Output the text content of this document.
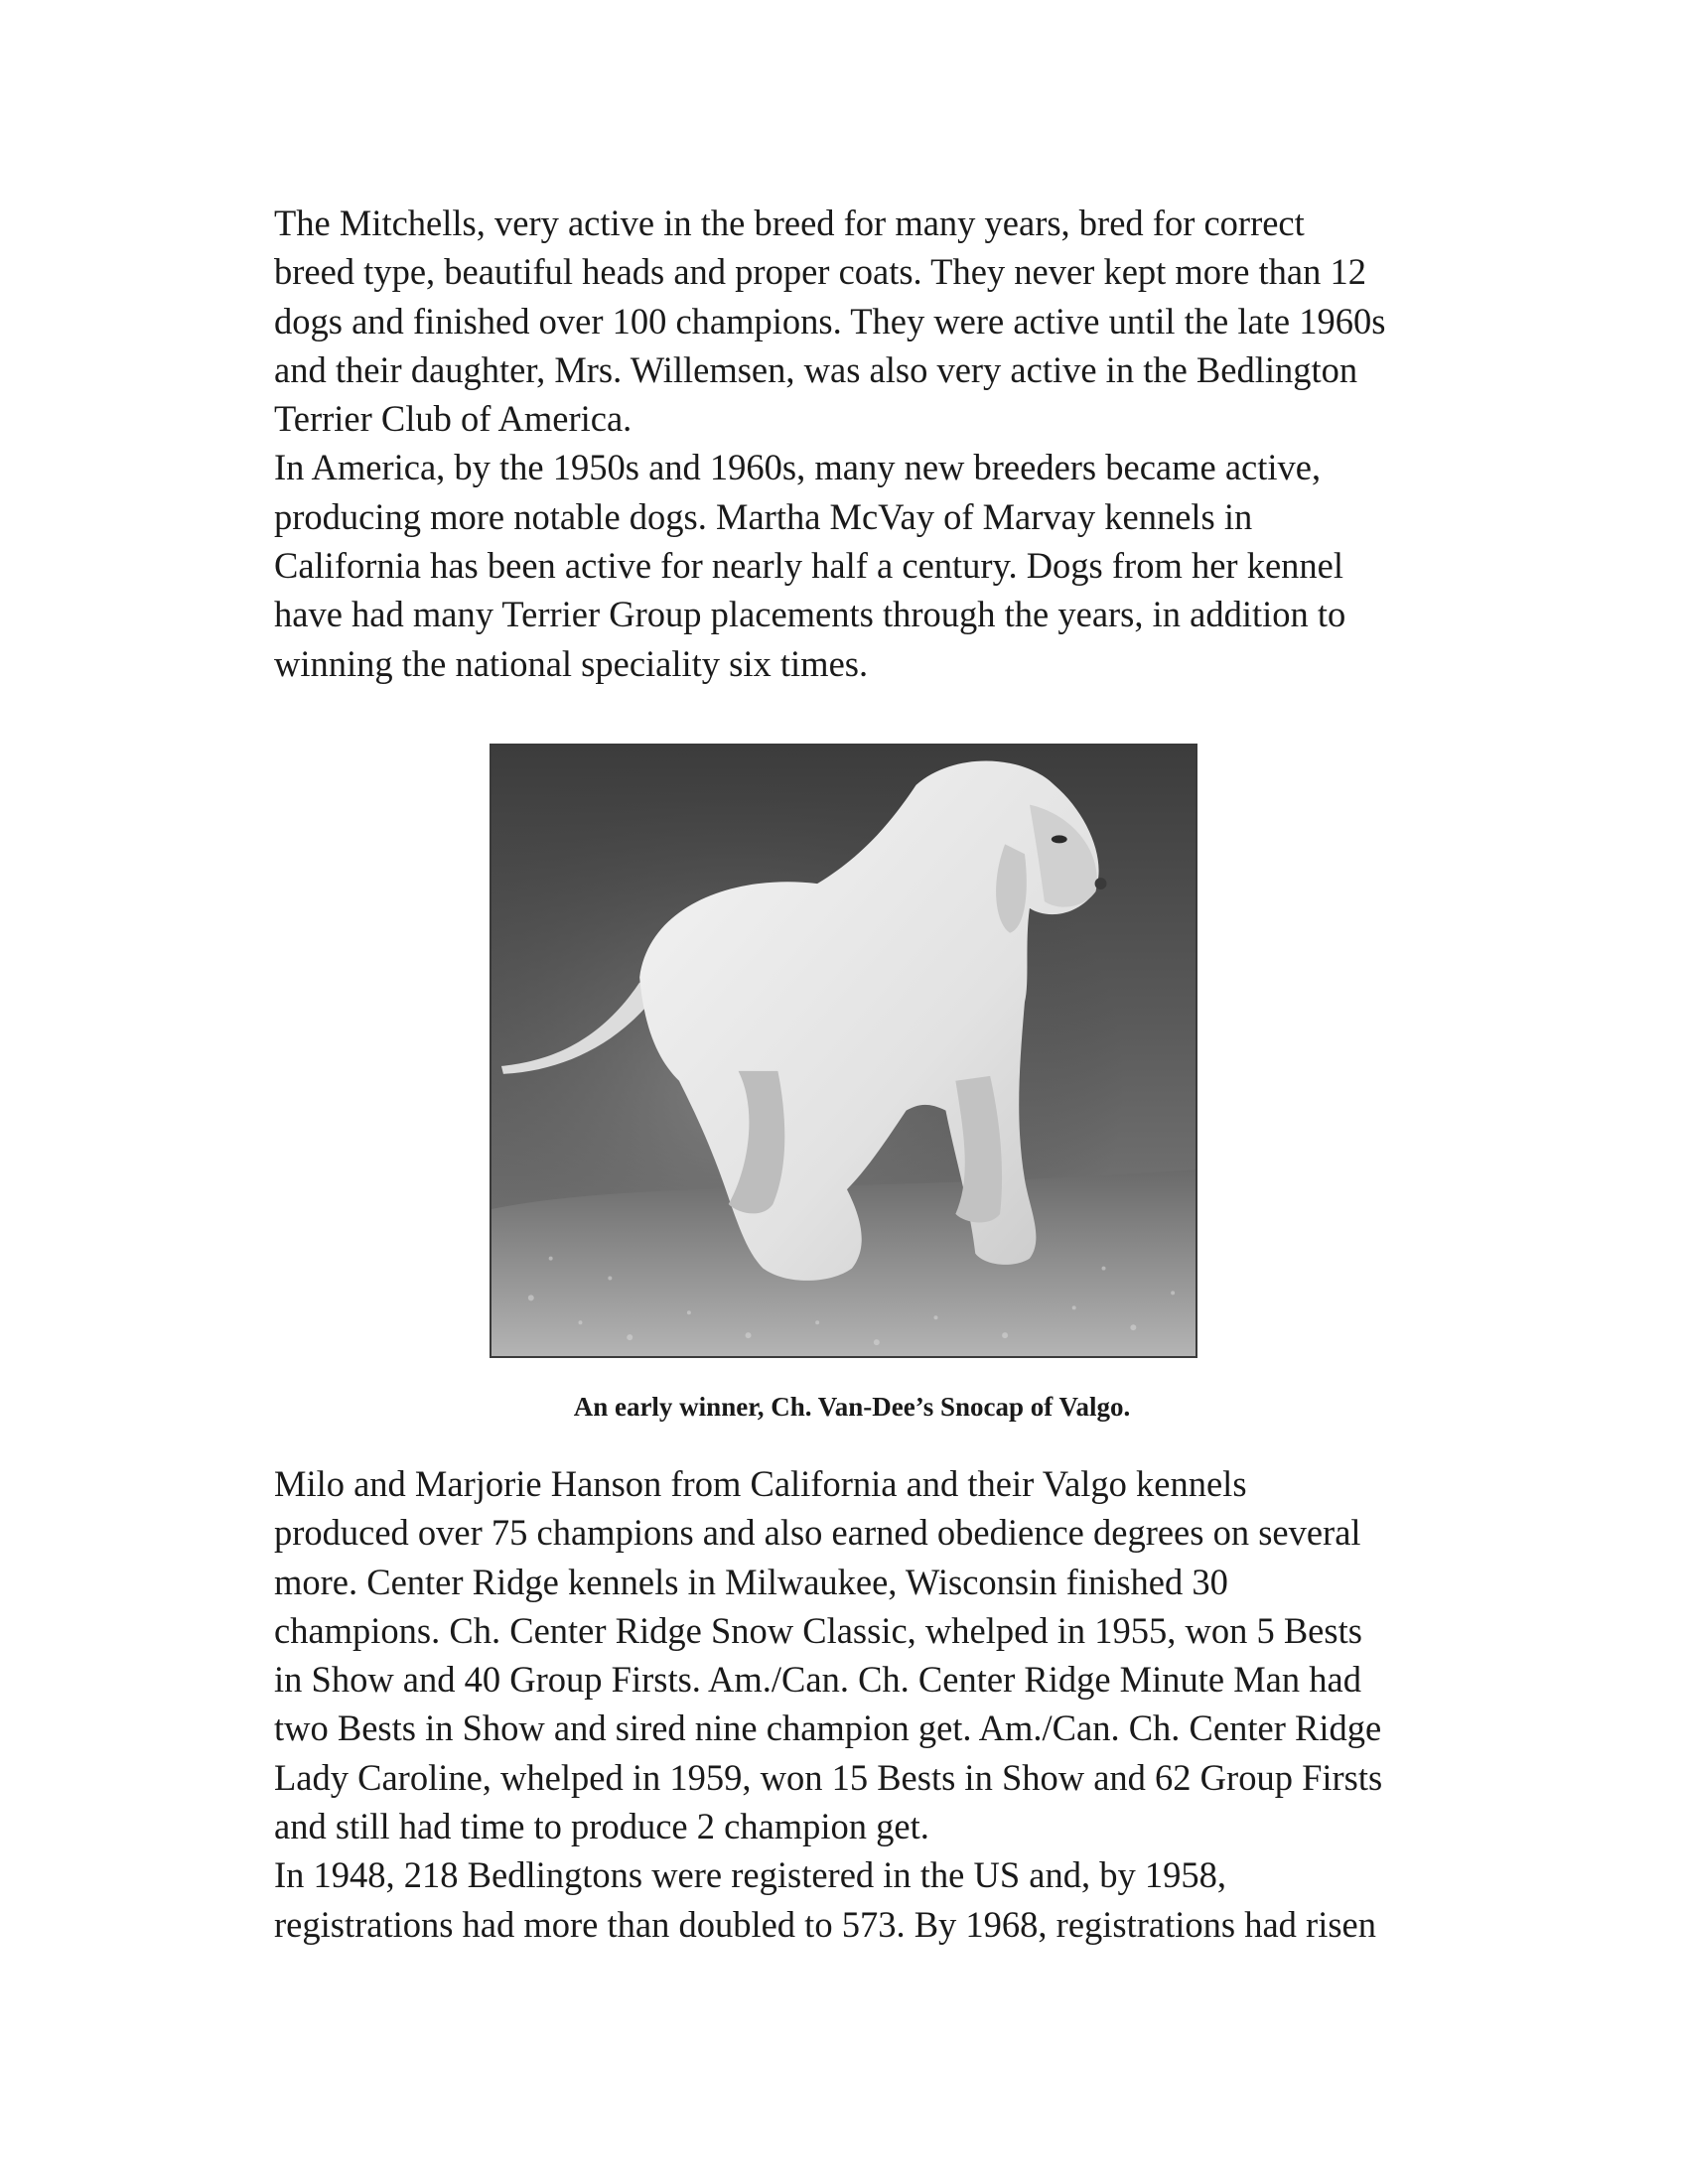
The Mitchells, very active in the breed for many years, bred for correct
breed type, beautiful heads and proper coats. They never kept more than 12
dogs and finished over 100 champions. They were active until the late 1960s
and their daughter, Mrs. Willemsen, was also very active in the Bedlington
Terrier Club of America.

In America, by the 1950s and 1960s, many new breeders became active,
producing more notable dogs. Martha McVay of Marvay kennels in
California has been active for nearly half a century. Dogs from her kennel
have had many Terrier Group placements through the years, in addition to
winning the national speciality six times.

An early winner, Ch. Van-Dee’s Snocap of Valgo.

Milo and Marjorie Hanson from California and their Valgo kennels
produced over 75 champions and also earned obedience degrees on several
more. Center Ridge kennels in Milwaukee, Wisconsin finished 30
champions. Ch. Center Ridge Snow Classic, whelped in 1955, won 5 Bests
in Show and 40 Group Firsts. Am./Can. Ch. Center Ridge Minute Man had
two Bests in Show and sired nine champion get. Am./Can. Ch. Center Ridge
Lady Caroline, whelped in 1959, won 15 Bests in Show and 62 Group Firsts
and still had time to produce 2 champion get.

In 1948, 218 Bedlingtons were registered in the US and, by 1958,
registrations had more than doubled to 573. By 1968, registrations had risen
